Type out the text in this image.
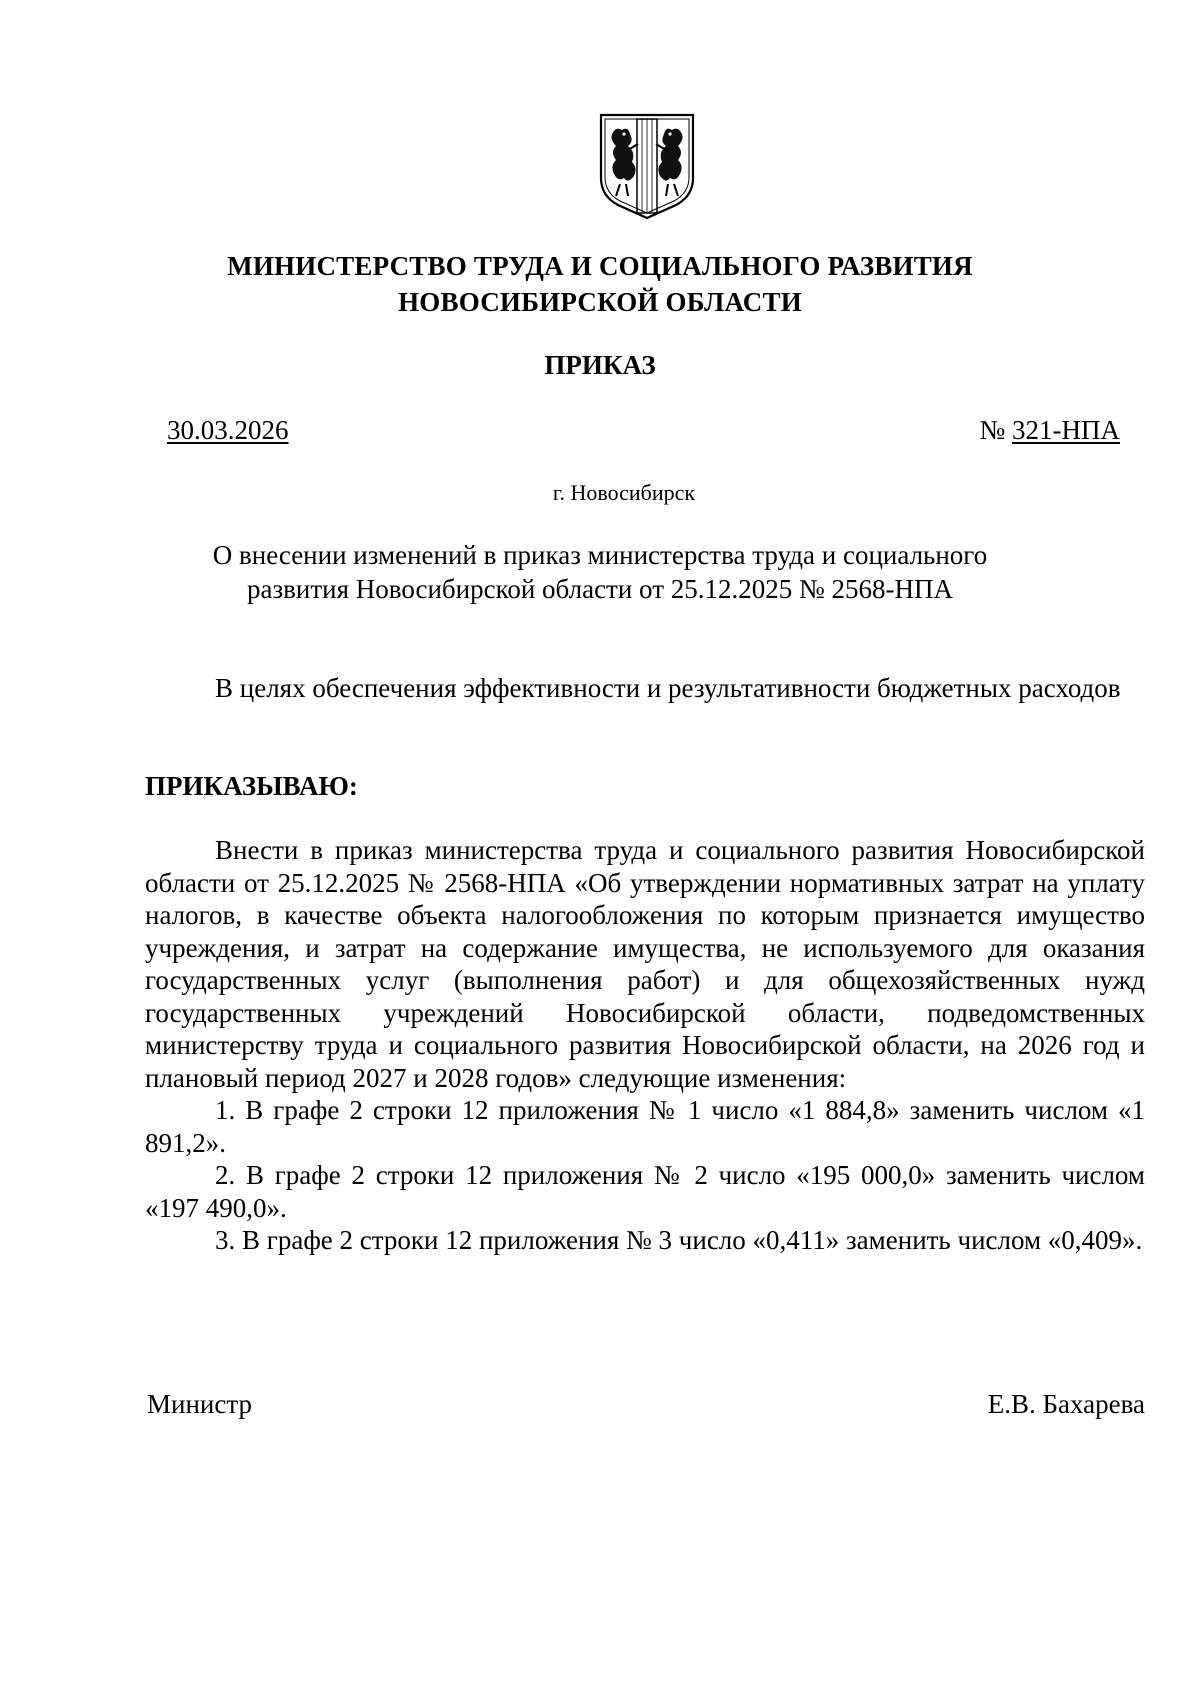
МИНИСТЕРСТВО ТРУДА И СОЦИАЛЬНОГО РАЗВИТИЯ
НОВОСИБИРСКОЙ ОБЛАСТИ
ПРИКАЗ
30.03.2026	№ 321-НПА
г. Новосибирск
О внесении изменений в приказ министерства труда и социального
развития Новосибирской области от 25.12.2025 № 2568-НПА

В целях обеспечения эффективности и результативности бюджетных расходов

ПРИКАЗЫВАЮ:

Внести в приказ министерства труда и социального развития Новосибирской области от 25.12.2025 № 2568-НПА «Об утверждении нормативных затрат на уплату налогов, в качестве объекта налогообложения по которым признается имущество учреждения, и затрат на содержание имущества, не используемого для оказания государственных услуг (выполнения работ) и для общехозяйственных нужд государственных учреждений Новосибирской области, подведомственных министерству труда и социального развития Новосибирской области, на 2026 год и плановый период 2027 и 2028 годов» следующие изменения:

1. В графе 2 строки 12 приложения № 1 число «1 884,8» заменить числом «1 891,2».

2. В графе 2 строки 12 приложения № 2 число «195 000,0» заменить числом «197 490,0».

3. В графе 2 строки 12 приложения № 3 число «0,411» заменить числом «0,409».

Министр	Е.В. Бахарева
